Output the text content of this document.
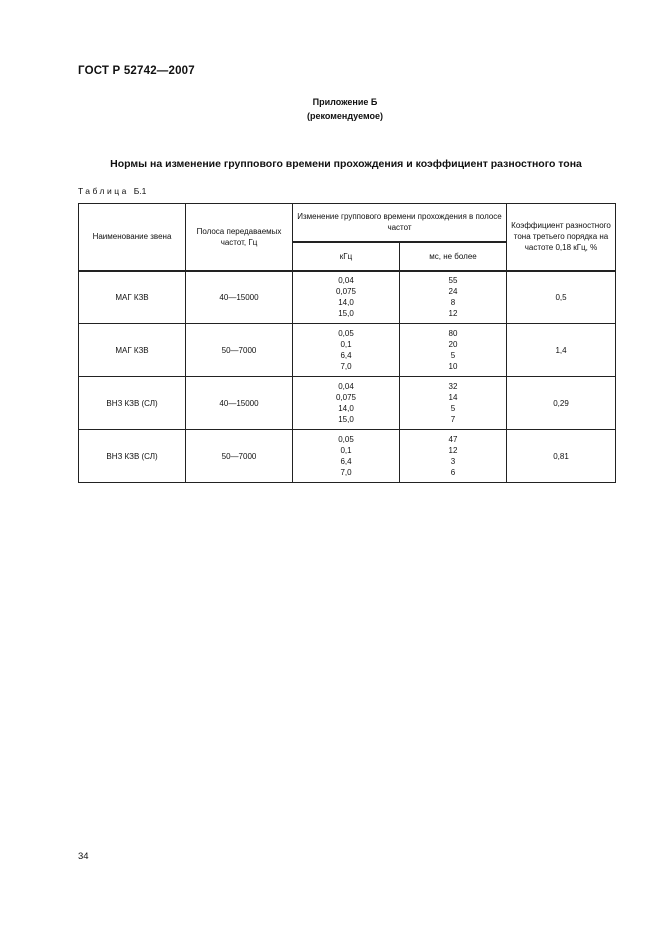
ГОСТ Р 52742—2007
Приложение Б
(рекомендуемое)
Нормы на изменение группового времени прохождения и коэффициент разностного тона
Таблица Б.1
Наименование звена	Полоса передаваемых частот, Гц	Изменение группового времени прохождения в полосе частот		Коэффициент разностного тона третьего порядка на частоте 0,18 кГц, %
		кГц	мс, не более	
МАГ КЗВ	40—15000	0,04
0,075
14,0
15,0	55
24
8
12	0,5
МАГ КЗВ	50—7000	0,05
0,1
6,4
7,0	80
20
5
10	1,4
ВНЗ КЗВ (СЛ)	40—15000	0,04
0,075
14,0
15,0	32
14
5
7	0,29
ВНЗ КЗВ (СЛ)	50—7000	0,05
0,1
6,4
7,0	47
12
3
6	0,81
34
